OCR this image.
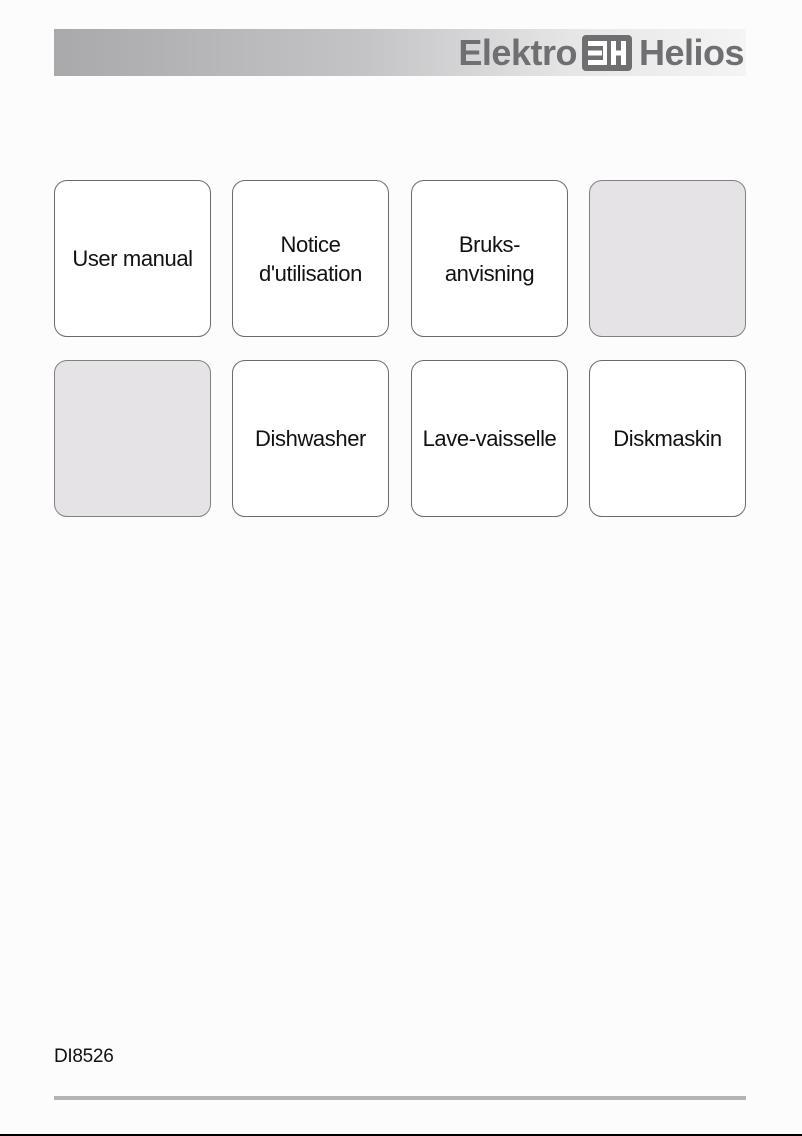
Elektro Helios
User manual
Notice
d'utilisation
Bruks-
anvisning
Dishwasher	Lave-vaisselle	Diskmaskin
DI8526
